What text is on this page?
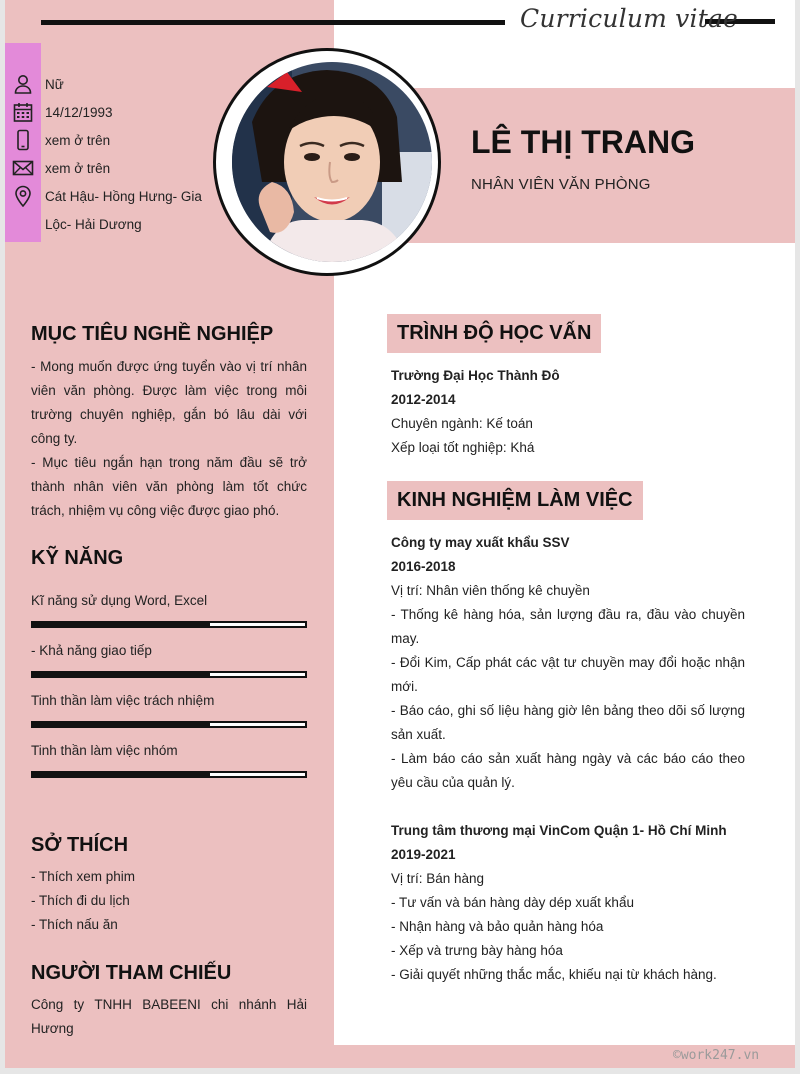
Curriculum vitae
Nữ
14/12/1993
xem ở trên
xem ở trên
Cát Hậu- Hồng Hưng- Gia
Lộc- Hải Dương
LÊ THỊ TRANG
NHÂN VIÊN VĂN PHÒNG
MỤC TIÊU NGHỀ NGHIỆP
- Mong muốn được ứng tuyển vào vị trí nhân viên văn phòng. Được làm việc trong môi trường chuyên nghiệp, gắn bó lâu dài với công ty.
- Mục tiêu ngắn hạn trong năm đầu sẽ trở thành nhân viên văn phòng làm tốt chức trách, nhiệm vụ công việc được giao phó.
KỸ NĂNG
Kĩ năng sử dụng Word, Excel
- Khả năng giao tiếp
Tinh thần làm việc trách nhiệm
Tinh thần làm việc nhóm
SỞ THÍCH
- Thích xem phim
- Thích đi du lịch
- Thích nấu ăn
NGƯỜI THAM CHIẾU
Công ty TNHH BABEENI chi nhánh Hải Hương
TRÌNH ĐỘ HỌC VẤN
Trường Đại Học Thành Đô
2012-2014
Chuyên ngành: Kế toán
Xếp loại tốt nghiệp: Khá
KINH NGHIỆM LÀM VIỆC
Công ty may xuất khẩu SSV
2016-2018
Vị trí: Nhân viên thống kê chuyền
- Thống kê hàng hóa, sản lượng đầu ra, đầu vào chuyền may.
- Đổi Kim, Cấp phát các vật tư chuyền may đổi hoặc nhận mới.
- Báo cáo, ghi số liệu hàng giờ lên bảng theo dõi số lượng sản xuất.
- Làm báo cáo sản xuất hàng ngày và các báo cáo theo yêu cầu của quản lý.
Trung tâm thương mại VinCom Quận 1- Hồ Chí Minh
2019-2021
Vị trí: Bán hàng
- Tư vấn và bán hàng dày dép xuất khẩu
- Nhận hàng và bảo quản hàng hóa
- Xếp và trưng bày hàng hóa
- Giải quyết những thắc mắc, khiếu nại từ khách hàng.
©work247.vn
